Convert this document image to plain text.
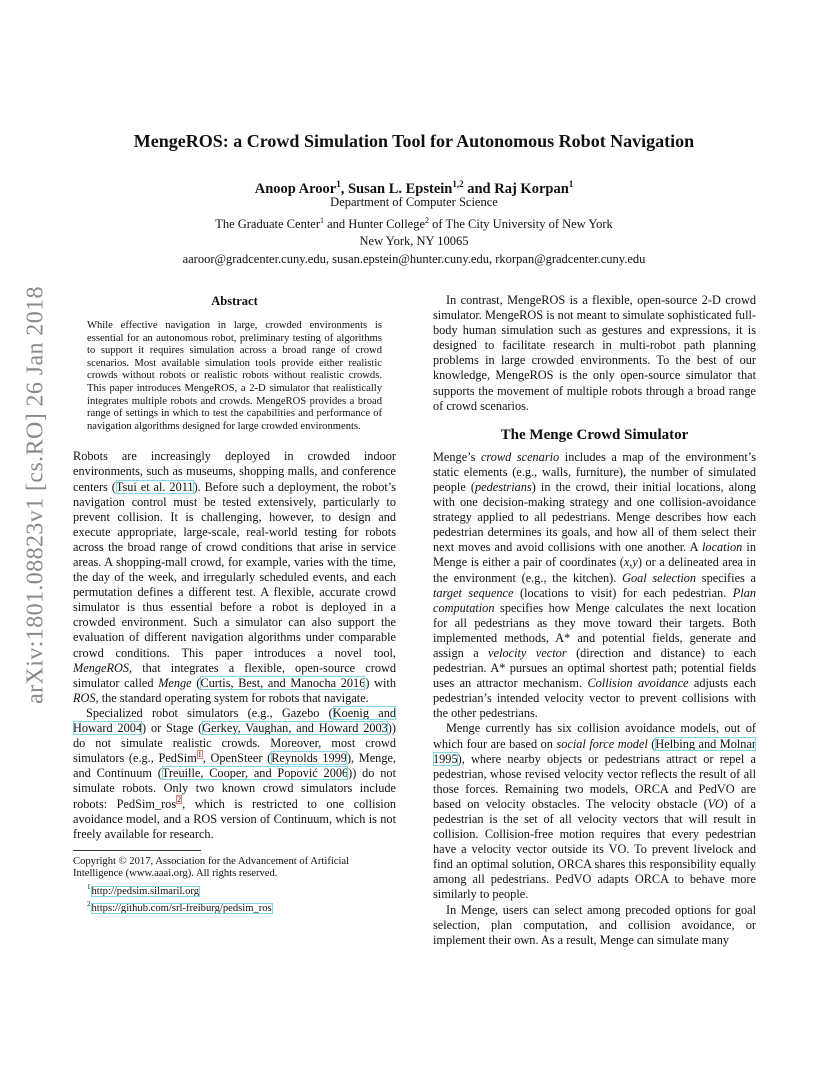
MengeROS: a Crowd Simulation Tool for Autonomous Robot Navigation
Anoop Aroor$^1$, Susan L. Epstein$^{1,2}$ and Raj Korpan$^1$
Department of Computer Science
The Graduate Center$^1$ and Hunter College$^2$ of The City University of New York
New York, NY 10065
aaroor@gradcenter.cuny.edu, susan.epstein@hunter.cuny.edu, rkorpan@gradcenter.cuny.edu
arXiv:1801.08823v1 [cs.RO] 26 Jan 2018	Abstract
While effective navigation in large, crowded environments is essential for an autonomous robot, preliminary testing of algorithms to support it requires simulation across a broad range of crowd scenarios. Most available simulation tools provide either realistic crowds without robots or realistic robots without realistic crowds. This paper introduces MengeROS, a 2-D simulator that realistically integrates multiple robots and crowds. MengeROS provides a broad range of settings in which to test the capabilities and performance of navigation algorithms designed for large crowded environments.

Robots are increasingly deployed in crowded indoor environments, such as museums, shopping malls, and conference centers (Tsui et al. 2011). Before such a deployment, the robot’s navigation control must be tested extensively, particularly to prevent collision. It is challenging, however, to design and execute appropriate, large-scale, real-world testing for robots across the broad range of crowd conditions that arise in service areas. A shopping-mall crowd, for example, varies with the time, the day of the week, and irregularly scheduled events, and each permutation defines a different test. A flexible, accurate crowd simulator is thus essential before a robot is deployed in a crowded environment. Such a simulator can also support the evaluation of different navigation algorithms under comparable crowd conditions. This paper introduces a novel tool, MengeROS, that integrates a flexible, open-source crowd simulator called Menge (Curtis, Best, and Manocha 2016) with ROS, the standard operating system for robots that navigate.

Specialized robot simulators (e.g., Gazebo (Koenig and Howard 2004) or Stage (Gerkey, Vaughan, and Howard 2003)) do not simulate realistic crowds. Moreover, most crowd simulators (e.g., PedSim$^1$, OpenSteer (Reynolds 1999), Menge, and Continuum (Treuille, Cooper, and Popović 2006)) do not simulate robots. Only two known crowd simulators include robots: PedSim_ros$^2$, which is restricted to one collision avoidance model, and a ROS version of Continuum, which is not freely available for research.

Copyright © 2017, Association for the Advancement of Artificial Intelligence (www.aaai.org). All rights reserved.
$^1$http://pedsim.silmaril.org
$^2$https://github.com/srl-freiburg/pedsim_ros

In contrast, MengeROS is a flexible, open-source 2-D crowd simulator. MengeROS is not meant to simulate sophisticated full-body human simulation such as gestures and expressions, it is designed to facilitate research in multi-robot path planning problems in large crowded environments. To the best of our knowledge, MengeROS is the only open-source simulator that supports the movement of multiple robots through a broad range of crowd scenarios.

The Menge Crowd Simulator

Menge’s crowd scenario includes a map of the environment’s static elements (e.g., walls, furniture), the number of simulated people (pedestrians) in the crowd, their initial locations, along with one decision-making strategy and one collision-avoidance strategy applied to all pedestrians. Menge describes how each pedestrian determines its goals, and how all of them select their next moves and avoid collisions with one another. A location in Menge is either a pair of coordinates (x,y) or a delineated area in the environment (e.g., the kitchen). Goal selection specifies a target sequence (locations to visit) for each pedestrian. Plan computation specifies how Menge calculates the next location for all pedestrians as they move toward their targets. Both implemented methods, A* and potential fields, generate and assign a velocity vector (direction and distance) to each pedestrian. A* pursues an optimal shortest path; potential fields uses an attractor mechanism. Collision avoidance adjusts each pedestrian’s intended velocity vector to prevent collisions with the other pedestrians.

Menge currently has six collision avoidance models, out of which four are based on social force model (Helbing and Molnar 1995), where nearby objects or pedestrians attract or repel a pedestrian, whose revised velocity vector reflects the result of all those forces. Remaining two models, ORCA and PedVO are based on velocity obstacles. The velocity obstacle (VO) of a pedestrian is the set of all velocity vectors that will result in collision. Collision-free motion requires that every pedestrian have a velocity vector outside its VO. To prevent livelock and find an optimal solution, ORCA shares this responsibility equally among all pedestrians. PedVO adapts ORCA to behave more similarly to people.

In Menge, users can select among precoded options for goal selection, plan computation, and collision avoidance, or implement their own. As a result, Menge can simulate many
